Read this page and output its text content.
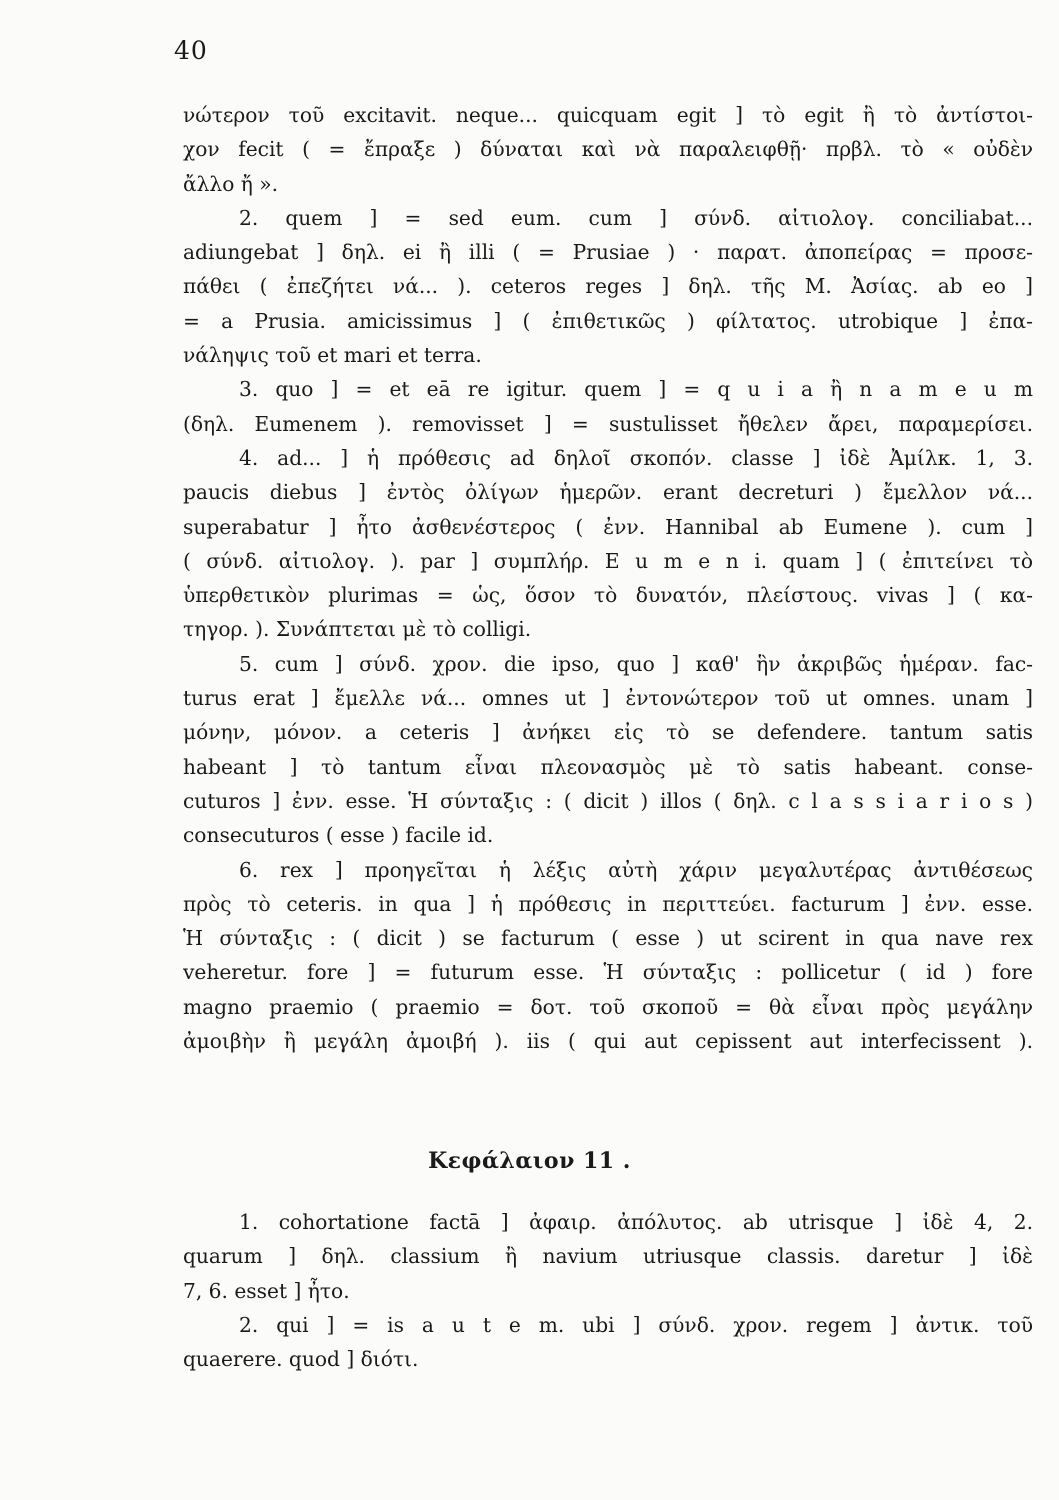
40
νώτερον τοῦ excitavit. neque... quicquam egit ] τὸ egit ἢ τὸ ἀντίστοι-
χον fecit ( = ἔπραξε ) δύναται καὶ νὰ παραλειφθῇ· πρβλ. τὸ « οὐδὲν
ἄλλο ἤ ».
2. quem ] = sed eum. cum ] σύνδ. αἰτιολογ. conciliabat...
adiungebat ] δηλ. ei ἢ illi ( = Prusiae ) · παρατ. ἀποπείρας = προσε-
πάθει ( ἐπεζήτει νά... ). ceteros reges ] δηλ. τῆς Μ. Ἀσίας. ab eo ]
= a Prusia. amicissimus ] ( ἐπιθετικῶς ) φίλτατος. utrobique ] ἐπα-
νάληψις τοῦ et mari et terra.
3. quo ] = et eā re igitur. quem ] = q u i a ἢ n a m e u m
(δηλ. Eumenem ). removisset ] = sustulisset ἤθελεν ἄρει, παραμερίσει.
4. ad... ] ἡ πρόθεσις ad δηλοῖ σκοπόν. classe ] ἰδὲ Ἀμίλκ. 1, 3.
paucis diebus ] ἐντὸς ὀλίγων ἡμερῶν. erant decreturi ) ἔμελλον νά...
superabatur ] ἦτο ἀσθενέστερος ( ἐνν. Hannibal ab Eumene ). cum ]
( σύνδ. αἰτιολογ. ). par ] συμπλήρ. E u m e n i. quam ] ( ἐπιτείνει τὸ
ὑπερθετικὸν plurimas = ὡς, ὅσον τὸ δυνατόν, πλείστους. vivas ] ( κα-
τηγορ. ). Συνάπτεται μὲ τὸ colligi.
5. cum ] σύνδ. χρον. die ipso, quo ] καθ' ἣν ἀκριβῶς ἡμέραν. fac-
turus erat ] ἔμελλε νά... omnes ut ] ἐντονώτερον τοῦ ut omnes. unam ]
μόνην, μόνον. a ceteris ] ἀνήκει εἰς τὸ se defendere. tantum satis
habeant ] τὸ tantum εἶναι πλεονασμὸς μὲ τὸ satis habeant. conse-
cuturos ] ἐνν. esse. Ἡ σύνταξις : ( dicit ) illos ( δηλ. c l a s s i a r i o s )
consecuturos ( esse ) facile id.
6. rex ] προηγεῖται ἡ λέξις αὐτὴ χάριν μεγαλυτέρας ἀντιθέσεως
πρὸς τὸ ceteris. in qua ] ἡ πρόθεσις in περιττεύει. facturum ] ἐνν. esse.
Ἡ σύνταξις : ( dicit ) se facturum ( esse ) ut scirent in qua nave rex
veheretur. fore ] = futurum esse. Ἡ σύνταξις : pollicetur ( id ) fore
magno praemio ( praemio = δοτ. τοῦ σκοποῦ = θὰ εἶναι πρὸς μεγάλην
ἀμοιβὴν ἢ μεγάλη ἀμοιβή ). iis ( qui aut cepissent aut interfecissent ).
Κεφάλαιον 11 .
1. cohortatione factā ] ἀφαιρ. ἀπόλυτος. ab utrisque ] ἰδὲ 4, 2.
quarum ] δηλ. classium ἢ navium utriusque classis. daretur ] ἰδὲ
7, 6. esset ] ἦτο.
2. qui ] = is a u t e m. ubi ] σύνδ. χρον. regem ] ἀντικ. τοῦ
quaerere. quod ] διότι.
